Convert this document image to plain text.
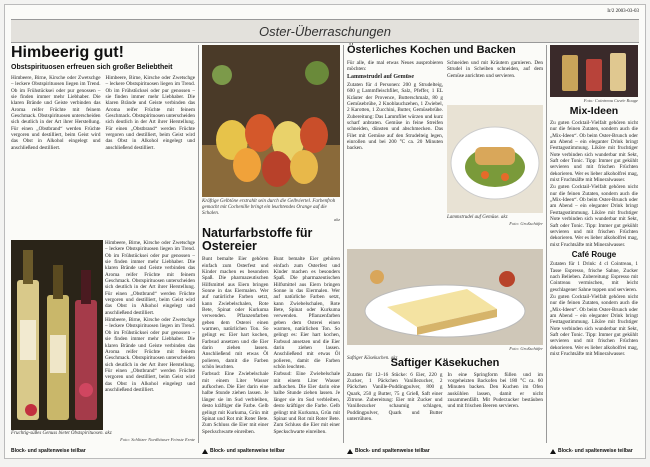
Ir/2 2003-03-03
Oster-Überraschungen
Himbeerig gut!
Obstspirituosen erfreuen sich großer Beliebtheit

Himbeere, Birne, Kirsche oder Zwetschge – leckere Obstspirituosen liegen im Trend. Ob im Frühstücksei oder pur genossen – sie finden immer mehr Liebhaber. Die klaren Brände und Geiste verbinden das Aroma reifer Früchte mit feinem Geschmack. Obstspirituosen unterscheiden sich deutlich in der Art ihrer Herstellung. Für einen „Obstbrand“ werden Früchte vergoren und destilliert, beim Geist wird das Obst in Alkohol eingelegt und anschließend destilliert.

Himbeere, Birne, Kirsche oder Zwetschge – leckere Obstspirituosen liegen im Trend. Ob im Frühstücksei oder pur genossen – sie finden immer mehr Liebhaber. Die klaren Brände und Geiste verbinden das Aroma reifer Früchte mit feinem Geschmack. Obstspirituosen unterscheiden sich deutlich in der Art ihrer Herstellung. Für einen „Obstbrand“ werden Früchte vergoren und destilliert, beim Geist wird das Obst in Alkohol eingelegt und anschließend destilliert.

Himbeere, Birne, Kirsche oder Zwetschge – leckere Obstspirituosen liegen im Trend. Ob im Frühstücksei oder pur genossen – sie finden immer mehr Liebhaber. Die klaren Brände und Geiste verbinden das Aroma reifer Früchte mit feinem Geschmack. Obstspirituosen unterscheiden sich deutlich in der Art ihrer Herstellung. Für einen „Obstbrand“ werden Früchte vergoren und destilliert, beim Geist wird das Obst in Alkohol eingelegt und anschließend destilliert.

Himbeere, Birne, Kirsche oder Zwetschge – leckere Obstspirituosen liegen im Trend. Ob im Frühstücksei oder pur genossen – sie finden immer mehr Liebhaber. Die klaren Brände und Geiste verbinden das Aroma reifer Früchte mit feinem Geschmack. Obstspirituosen unterscheiden sich deutlich in der Art ihrer Herstellung. Für einen „Obstbrand“ werden Früchte vergoren und destilliert, beim Geist wird das Obst in Alkohol eingelegt und anschließend destilliert.

Fruchtig-süßes Genuss bietet Obstspirituosen. akz
Foto: Schlitzer Nordhäuser Feinste Ernte
Kräftige Gelbtöne erstrahlt sein durch die Gelbviertel. Farbenfroh gemacht mit Cochenille bringt ein leuchtendes Orange auf die Schalen.
akz
Naturfarbstoffe für Ostereier

Bunt bemalte Eier gehören einfach zum Osterfest und Kinder machen es besonders Spaß. Die pharmazeutischen Hilfsmittel aus Eiern bringen Sonne in das Eiermalen. Wer auf natürliche Farben setzt, kann Zwiebelschalen, Rote Bete, Spinat oder Kurkuma verwenden. Pflanzenfarben geben dem Osterei einen warmen, natürlichen Ton. So gelingt es: Eier hart kochen, Farbsud ansetzen und die Eier darin ziehen lassen. Anschließend mit etwas Öl polieren, damit die Farben schön leuchten.

Farbsud: Eine Zwiebelschale mit einem Liter Wasser aufkochen. Die Eier darin eine halbe Stunde ziehen lassen. Je länger sie im Sud verbleiben, desto kräftiger die Farbe. Gelb gelingt mit Kurkuma, Grün mit Spinat und Rot mit Roter Bete. Zum Schluss die Eier mit einer Speckschwarte einreiben.

Bunt bemalte Eier gehören einfach zum Osterfest und Kinder machen es besonders Spaß. Die pharmazeutischen Hilfsmittel aus Eiern bringen Sonne in das Eiermalen. Wer auf natürliche Farben setzt, kann Zwiebelschalen, Rote Bete, Spinat oder Kurkuma verwenden. Pflanzenfarben geben dem Osterei einen warmen, natürlichen Ton. So gelingt es: Eier hart kochen, Farbsud ansetzen und die Eier darin ziehen lassen. Anschließend mit etwas Öl polieren, damit die Farben schön leuchten.

Farbsud: Eine Zwiebelschale mit einem Liter Wasser aufkochen. Die Eier darin eine halbe Stunde ziehen lassen. Je länger sie im Sud verbleiben, desto kräftiger die Farbe. Gelb gelingt mit Kurkuma, Grün mit Spinat und Rot mit Roter Bete. Zum Schluss die Eier mit einer Speckschwarte einreiben.

Österliches Kochen und Backen

Für alle, die mal etwas Neues ausprobieren möchten:

Lammstrudel auf Gemüse

Zutaten für 4 Personen: 200 g Strudelteig, 600 g Lammfleischfilet, Salz, Pfeffer, 1 EL Kräuter der Provence, Butterschmalz, 80 g Gemüsebrühe, 2 Knoblauchzehen, 1 Zwiebel, 2 Karotten, 1 Zucchini, Butter, Gemüsebrühe. Zubereitung: Das Lammfilet würzen und kurz scharf anbraten. Gemüse in feine Streifen schneiden, dünsten und abschmecken. Das Filet mit Gemüse auf den Strudelteig legen, einrollen und bei 200 °C ca. 20 Minuten backen.

Schneiden und mit Kräutern garnieren. Den Strudel in Scheiben schneiden, auf dem Gemüse anrichten und servieren.

Lammstrudel auf Gemüse. akz
Foto: Großschäfer
Saftiger Käsekuchen. akz
Foto: Großschäfer
Saftiger Käsekuchen

Zutaten für 12–16 Stücke: 6 Eier, 220 g Zucker, 1 Päckchen Vanillezucker, 2 Päckchen Vanille-Puddingpulver, 800 g Quark, 250 g Butter, 75 g Grieß, Saft einer Zitrone. Zubereitung: Eier mit Zucker und Vanillezucker schaumig schlagen, Puddingpulver, Quark und Butter unterrühren.

In eine Springform füllen und im vorgeheizten Backofen bei 180 °C ca. 60 Minuten backen. Den Kuchen im Ofen auskühlen lassen, damit er nicht zusammenfällt. Mit Puderzucker bestäuben und mit frischen Beeren servieren.

Foto: Cointreau Cuvée Rouge
Mix-Ideen

Zu guten Cocktail-Vielfalt gehören nicht nur die feinen Zutaten, sondern auch die „Mix-Ideen“. Ob beim Oster-Brunch oder am Abend – ein eleganter Drink bringt Festtagsstimmung. Liköre mit fruchtiger Note verbinden sich wunderbar mit Sekt, Saft oder Tonic. Tipp: Immer gut gekühlt servieren und mit frischen Früchten dekorieren. Wer es lieber alkoholfrei mag, mixt Fruchtsäfte mit Mineralwasser.

Zu guten Cocktail-Vielfalt gehören nicht nur die feinen Zutaten, sondern auch die „Mix-Ideen“. Ob beim Oster-Brunch oder am Abend – ein eleganter Drink bringt Festtagsstimmung. Liköre mit fruchtiger Note verbinden sich wunderbar mit Sekt, Saft oder Tonic. Tipp: Immer gut gekühlt servieren und mit frischen Früchten dekorieren. Wer es lieber alkoholfrei mag, mixt Fruchtsäfte mit Mineralwasser.

Café Rouge

Zutaten für 1 Drink: 4 cl Cointreau, 1 Tasse Espresso, frische Sahne, Zucker nach Belieben. Zubereitung: Espresso mit Cointreau vermischen, mit leicht geschlagener Sahne toppen und servieren.

Zu guten Cocktail-Vielfalt gehören nicht nur die feinen Zutaten, sondern auch die „Mix-Ideen“. Ob beim Oster-Brunch oder am Abend – ein eleganter Drink bringt Festtagsstimmung. Liköre mit fruchtiger Note verbinden sich wunderbar mit Sekt, Saft oder Tonic. Tipp: Immer gut gekühlt servieren und mit frischen Früchten dekorieren. Wer es lieber alkoholfrei mag, mixt Fruchtsäfte mit Mineralwasser.

Block- und spaltenweise teilbar	Block- und spaltenweise teilbar	Block- und spaltenweise teilbar	Block- und spaltenweise teilbar
